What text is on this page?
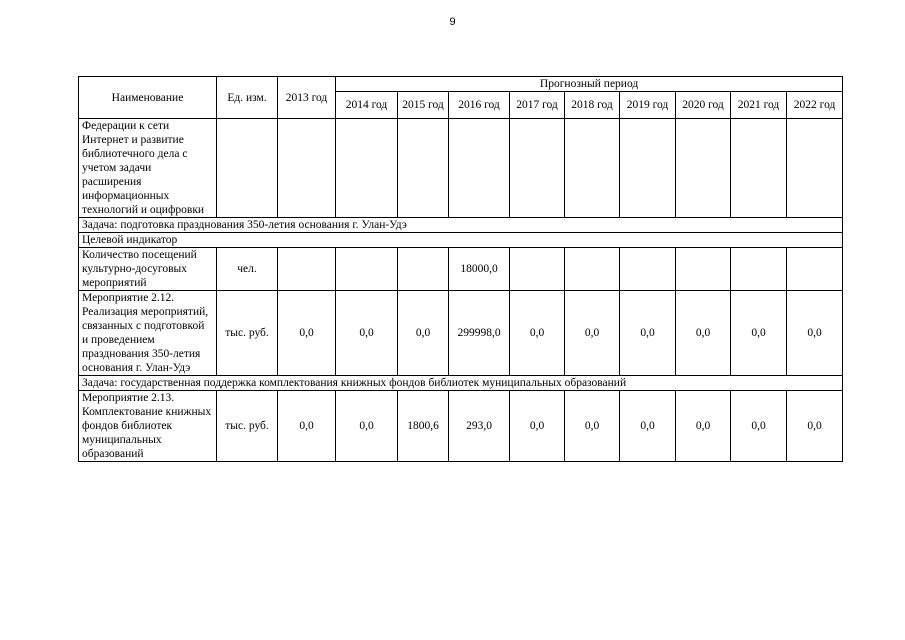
9
Наименование	Ед. изм.	2013 год	Прогнозный период								
			2014 год	2015 год	2016 год	2017 год	2018 год	2019 год	2020 год	2021 год	2022 год
Федерации к сети Интернет и развитие библиотечного дела с учетом задачи расширения информационных технологий и оцифровки											
Задача: подготовка празднования 350-летия основания г. Улан-Удэ											
Целевой индикатор											
Количество посещений культурно-досуговых мероприятий	чел.				18000,0						
Мероприятие 2.12. Реализация мероприятий, связанных с подготовкой и проведением празднования 350-летия основания г. Улан-Удэ	тыс. руб.	0,0	0,0	0,0	299998,0	0,0	0,0	0,0	0,0	0,0	0,0
Задача: государственная поддержка комплектования книжных фондов библиотек муниципальных образований											
Мероприятие 2.13. Комплектование книжных фондов библиотек муниципальных образований	тыс. руб.	0,0	0,0	1800,6	293,0	0,0	0,0	0,0	0,0	0,0	0,0
